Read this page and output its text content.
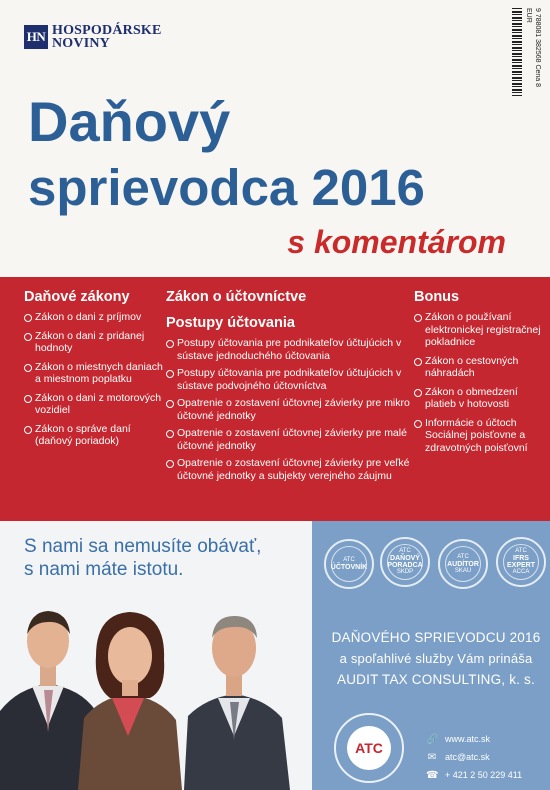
HN HOSPODÁRSKE
NOVINY	9 788081 382568 Cena 8 EUR
Daňový
sprievodca 2016
s komentárom
Daňové zákony
Zákon o dani z príjmov
Zákon o dani z pridanej hodnoty
Zákon o miestnych daniach a miestnom poplatku
Zákon o dani z motorových vozidiel
Zákon o správe daní (daňový poriadok)
Zákon o účtovníctve
Postupy účtovania
Postupy účtovania pre podnikateľov účtujúcich v sústave jednoduchého účtovania
Postupy účtovania pre podnikateľov účtujúcich v sústave podvojného účtovníctva
Opatrenie o zostavení účtovnej závierky pre mikro účtovné jednotky
Opatrenie o zostavení účtovnej závierky pre malé účtovné jednotky
Opatrenie o zostavení účtovnej závierky pre veľké účtovné jednotky a subjekty verejného záujmu
Bonus
Zákon o používaní elektronickej registračnej pokladnice
Zákon o cestovných náhradách
Zákon o obmedzení platieb v hotovosti
Informácie o účtoch Sociálnej poisťovne a zdravotných poisťovní
S nami sa nemusíte obávať,
s nami máte istotu.	ATC
ÚČTOVNÍK
ATC
DAŇOVÝ PORADCA
SKDP
ATC
AUDÍTOR
SKAU
ATC
IFRS EXPERT
ACCA
DAŇOVÉHO SPRIEVODCU 2016
a spoľahlivé služby Vám prináša
AUDIT TAX CONSULTING, k. s.
ATC
🔗 www.atc.sk
✉ atc@atc.sk
☎ + 421 2 50 229 411
